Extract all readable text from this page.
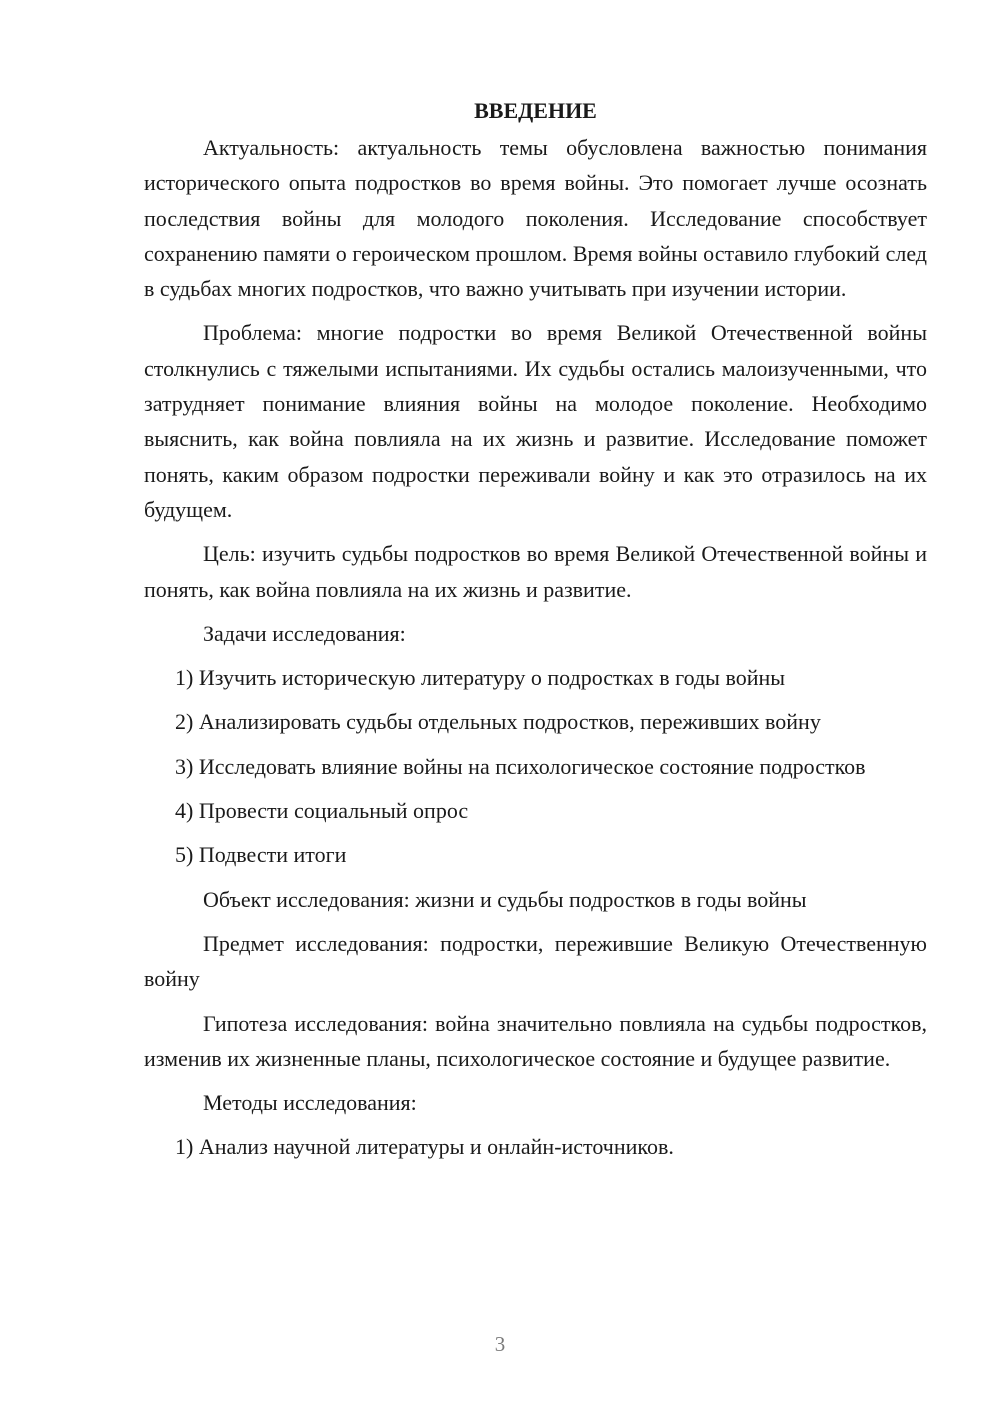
ВВЕДЕНИЕ

Актуальность: актуальность темы обусловлена важностью понимания исторического опыта подростков во время войны. Это помогает лучше осознать последствия войны для молодого поколения. Исследование способствует сохранению памяти о героическом прошлом. Время войны оставило глубокий след в судьбах многих подростков, что важно учитывать при изучении истории.

Проблема: многие подростки во время Великой Отечественной войны столкнулись с тяжелыми испытаниями. Их судьбы остались малоизученными, что затрудняет понимание влияния войны на молодое поколение. Необходимо выяснить, как война повлияла на их жизнь и развитие. Исследование поможет понять, каким образом подростки переживали войну и как это отразилось на их будущем.

Цель: изучить судьбы подростков во время Великой Отечественной войны и понять, как война повлияла на их жизнь и развитие.

Задачи исследования:

1) Изучить историческую литературу о подростках в годы войны

2) Анализировать судьбы отдельных подростков, переживших войну

3) Исследовать влияние войны на психологическое состояние подростков

4) Провести социальный опрос

5) Подвести итоги

Объект исследования: жизни и судьбы подростков в годы войны

Предмет исследования: подростки, пережившие Великую Отечественную войну

Гипотеза исследования: война значительно повлияла на судьбы подростков, изменив их жизненные планы, психологическое состояние и будущее развитие.

Методы исследования:

1) Анализ научной литературы и онлайн-источников.

3
